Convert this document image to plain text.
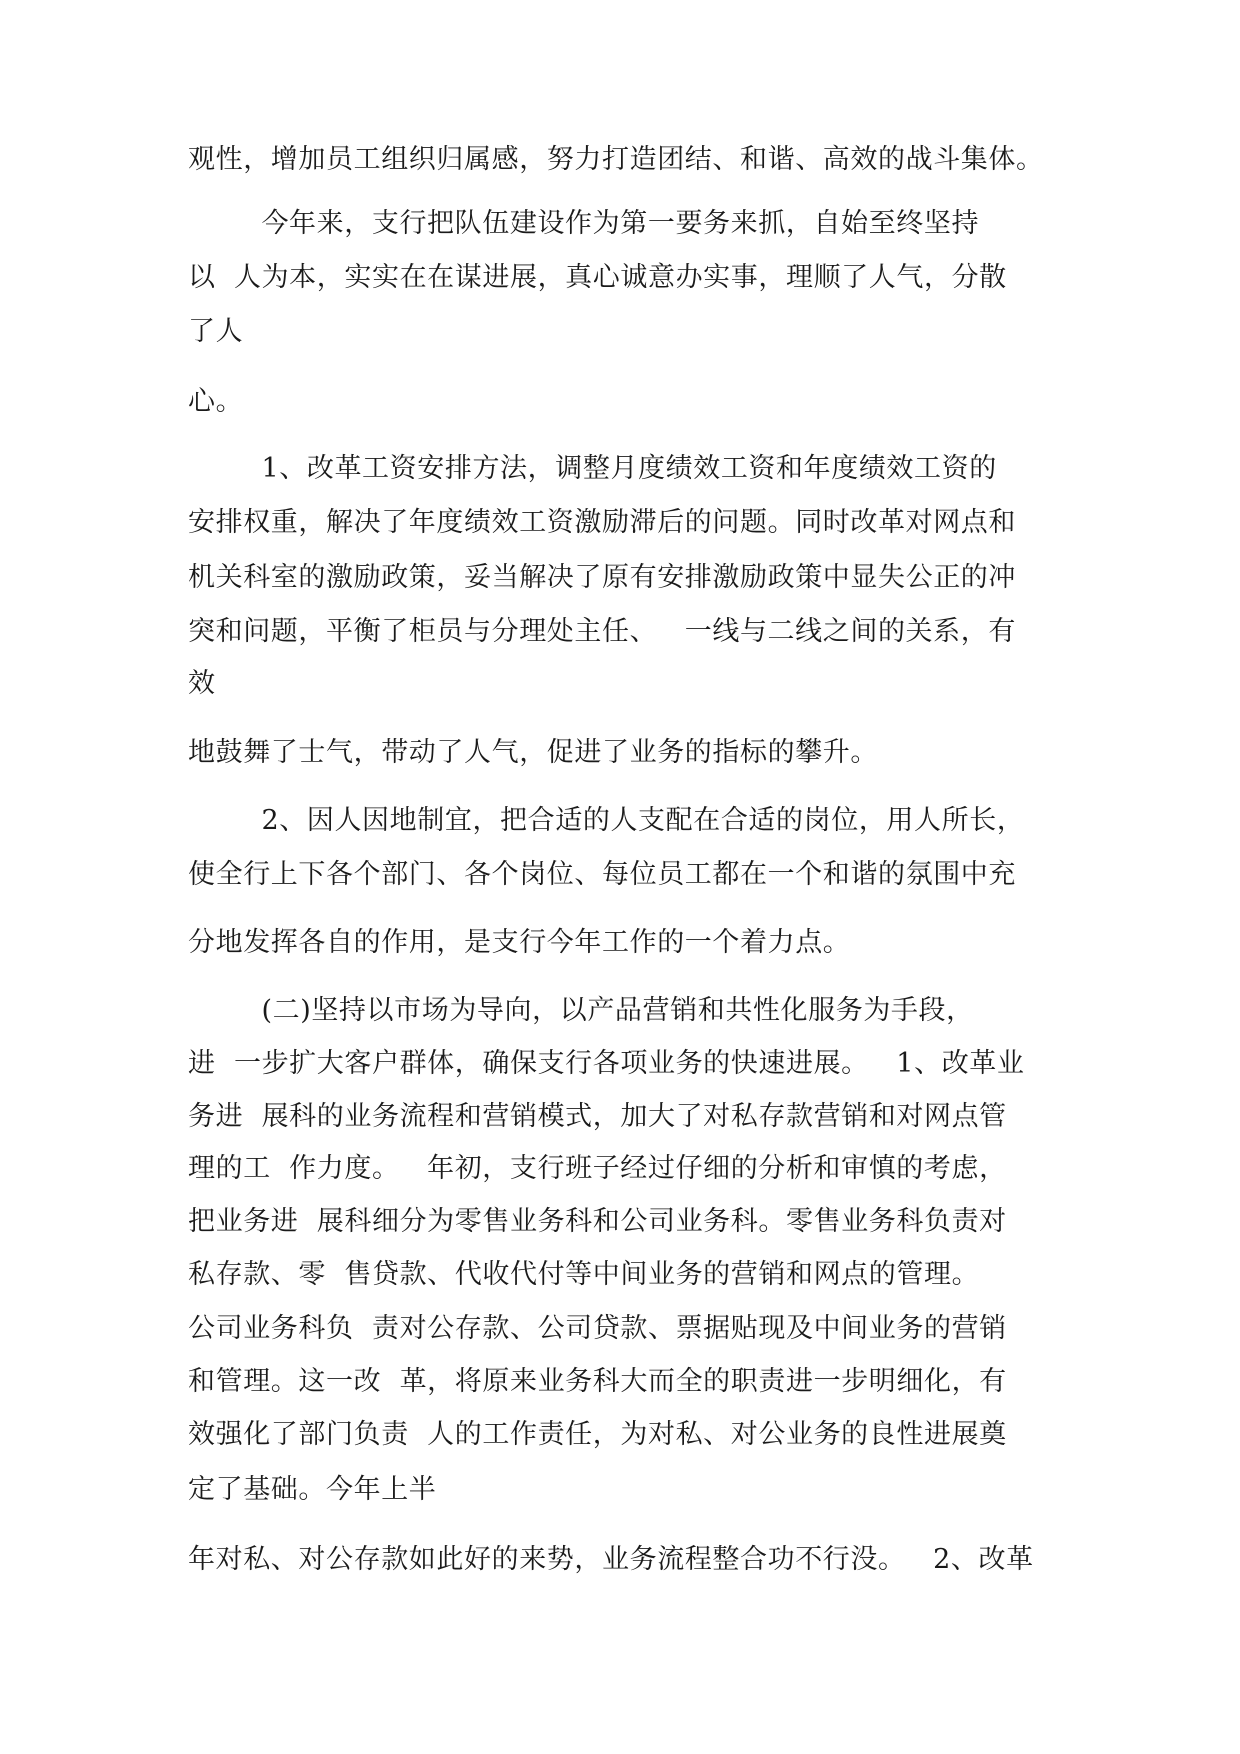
观性，增加员工组织归属感，努力打造团结、和谐、高效的战斗集体。
今年来，支行把队伍建设作为第一要务来抓，自始至终坚持
以  人为本，实实在在谋进展，真心诚意办实事，理顺了人气，分散
了人
心。
1、改革工资安排方法，调整月度绩效工资和年度绩效工资的
安排权重，解决了年度绩效工资激励滞后的问题。同时改革对网点和
机关科室的激励政策，妥当解决了原有安排激励政策中显失公正的冲
突和问题，平衡了柜员与分理处主任、   一线与二线之间的关系，有
效
地鼓舞了士气，带动了人气，促进了业务的指标的攀升。
2、因人因地制宜，把合适的人支配在合适的岗位，用人所长，
使全行上下各个部门、各个岗位、每位员工都在一个和谐的氛围中充
分地发挥各自的作用，是支行今年工作的一个着力点。
(二)坚持以市场为导向，以产品营销和共性化服务为手段，
进  一步扩大客户群体，确保支行各项业务的快速进展。   1、改革业
务进  展科的业务流程和营销模式，加大了对私存款营销和对网点管
理的工  作力度。   年初，支行班子经过仔细的分析和审慎的考虑，
把业务进  展科细分为零售业务科和公司业务科。零售业务科负责对
私存款、零  售贷款、代收代付等中间业务的营销和网点的管理。
公司业务科负  责对公存款、公司贷款、票据贴现及中间业务的营销
和管理。这一改  革，将原来业务科大而全的职责进一步明细化，有
效强化了部门负责  人的工作责任，为对私、对公业务的良性进展奠
定了基础。今年上半
年对私、对公存款如此好的来势，业务流程整合功不行没。   2、改革
